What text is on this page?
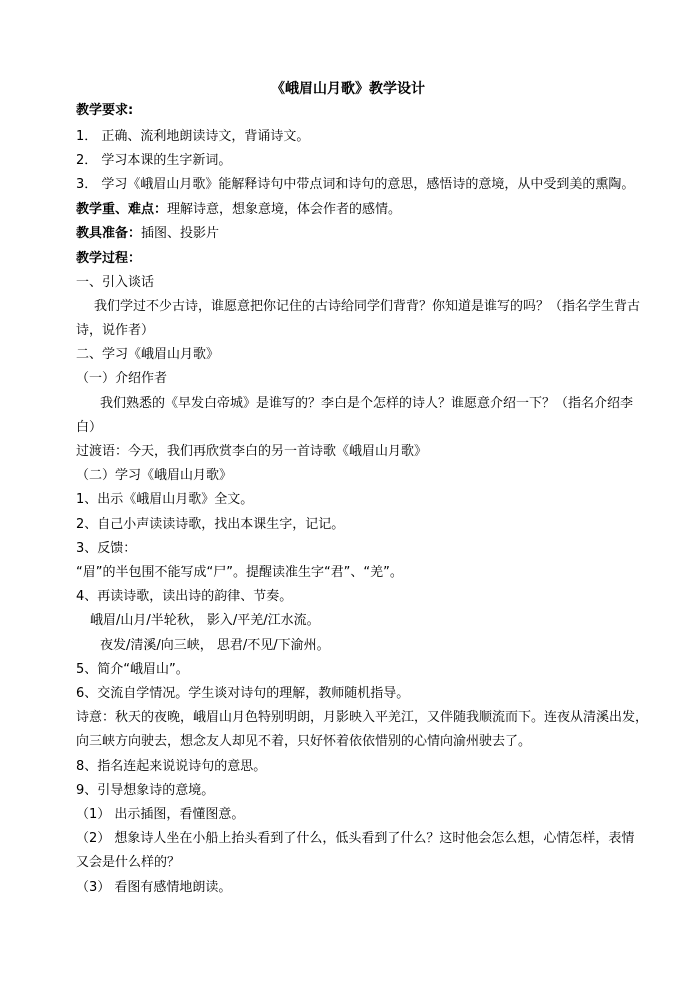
《峨眉山月歌》教学设计
教学要求:
1． 正确、流利地朗读诗文，背诵诗文。
2． 学习本课的生字新词。
3． 学习《峨眉山月歌》能解释诗句中带点词和诗句的意思，感悟诗的意境，从中受到美的熏陶。
教学重、难点：理解诗意，想象意境，体会作者的感情。
教具准备：插图、投影片
教学过程：
一、引入谈话
我们学过不少古诗，谁愿意把你记住的古诗给同学们背背？你知道是谁写的吗？（指名学生背古
诗，说作者）
二、学习《峨眉山月歌》
（一）介绍作者
我们熟悉的《早发白帝城》是谁写的？李白是个怎样的诗人？谁愿意介绍一下？（指名介绍李
白）
过渡语：今天，我们再欣赏李白的另一首诗歌《峨眉山月歌》
（二）学习《峨眉山月歌》
1、出示《峨眉山月歌》全文。
2、自己小声读读诗歌，找出本课生字，记记。
3、反馈：
“眉”的半包围不能写成“尸”。提醒读准生字“君”、“羌”。
4、再读诗歌，读出诗的韵律、节奏。
峨眉/山月/半轮秋， 影入/平羌/江水流。
夜发/清溪/向三峡， 思君/不见/下渝州。
5、简介“峨眉山”。
6、交流自学情况。学生谈对诗句的理解，教师随机指导。
诗意：秋天的夜晚，峨眉山月色特别明朗，月影映入平羌江，又伴随我顺流而下。连夜从清溪出发，
向三峡方向驶去，想念友人却见不着，只好怀着依依惜别的心情向渝州驶去了。
8、指名连起来说说诗句的意思。
9、引导想象诗的意境。
（1） 出示插图，看懂图意。
（2） 想象诗人坐在小船上抬头看到了什么，低头看到了什么？这时他会怎么想，心情怎样，表情
又会是什么样的？
（3） 看图有感情地朗读。
